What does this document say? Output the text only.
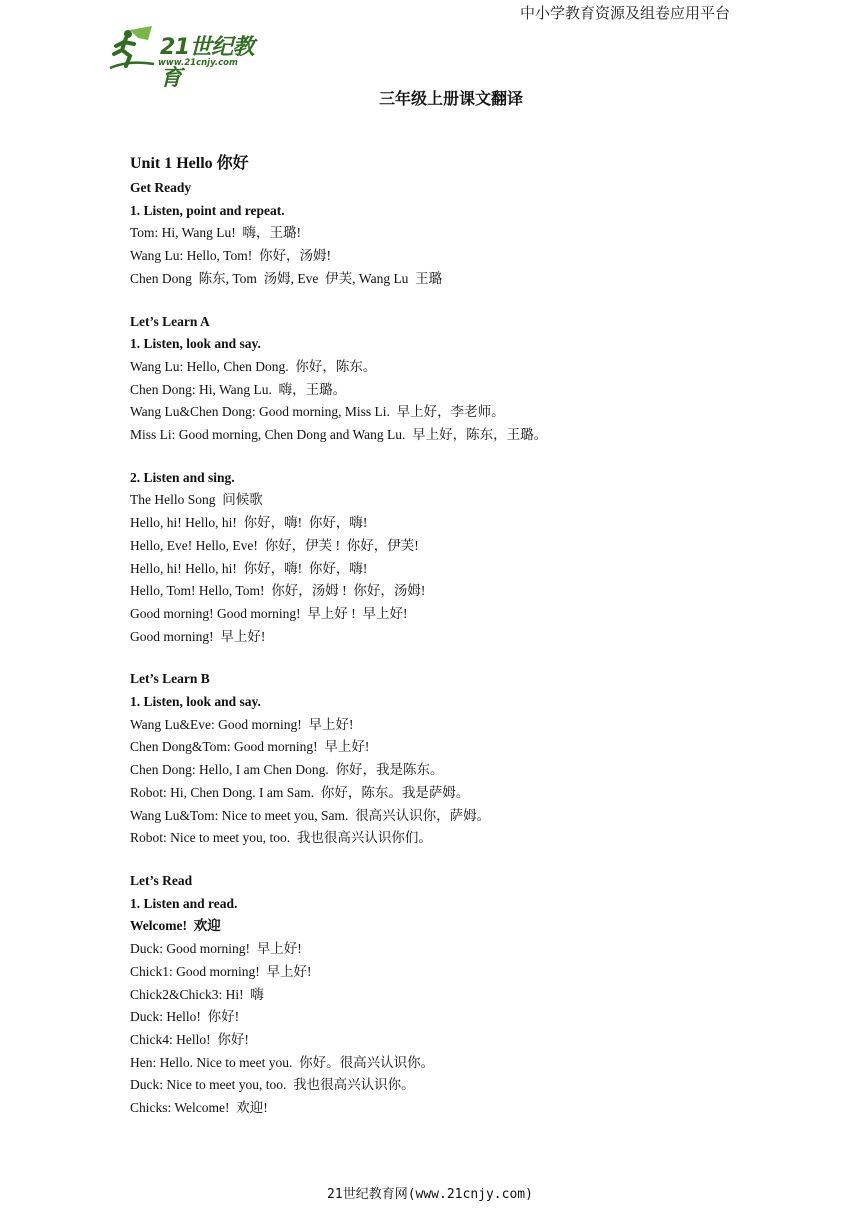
中小学教育资源及组卷应用平台
21世纪教育
www.21cnjy.com
三年级上册课文翻译
Unit 1 Hello 你好
Get Ready
1. Listen, point and repeat.
Tom: Hi, Wang Lu!  嗨，王璐!
Wang Lu: Hello, Tom!  你好，汤姆!
Chen Dong  陈东, Tom  汤姆, Eve  伊芙, Wang Lu  王璐
Let’s Learn A
1. Listen, look and say.
Wang Lu: Hello, Chen Dong.  你好，陈东。
Chen Dong: Hi, Wang Lu.  嗨，王璐。
Wang Lu&Chen Dong: Good morning, Miss Li.  早上好，李老师。
Miss Li: Good morning, Chen Dong and Wang Lu.  早上好，陈东，王璐。
2. Listen and sing.
The Hello Song  问候歌
Hello, hi! Hello, hi!  你好，嗨!  你好，嗨!
Hello, Eve! Hello, Eve!  你好，伊芙 !  你好，伊芙!
Hello, hi! Hello, hi!  你好，嗨!  你好，嗨!
Hello, Tom! Hello, Tom!  你好，汤姆 !  你好，汤姆!
Good morning! Good morning!  早上好 !  早上好!
Good morning!  早上好!
Let’s Learn B
1. Listen, look and say.
Wang Lu&Eve: Good morning!  早上好!
Chen Dong&Tom: Good morning!  早上好!
Chen Dong: Hello, I am Chen Dong.  你好，我是陈东。
Robot: Hi, Chen Dong. I am Sam.  你好，陈东。我是萨姆。
Wang Lu&Tom: Nice to meet you, Sam.  很高兴认识你，萨姆。
Robot: Nice to meet you, too.  我也很高兴认识你们。
Let’s Read
1. Listen and read.
Welcome!  欢迎
Duck: Good morning!  早上好!
Chick1: Good morning!  早上好!
Chick2&Chick3: Hi!  嗨
Duck: Hello!  你好!
Chick4: Hello!  你好!
Hen: Hello. Nice to meet you.  你好。很高兴认识你。
Duck: Nice to meet you, too.  我也很高兴认识你。
Chicks: Welcome!  欢迎!
21世纪教育网(www.21cnjy.com)
